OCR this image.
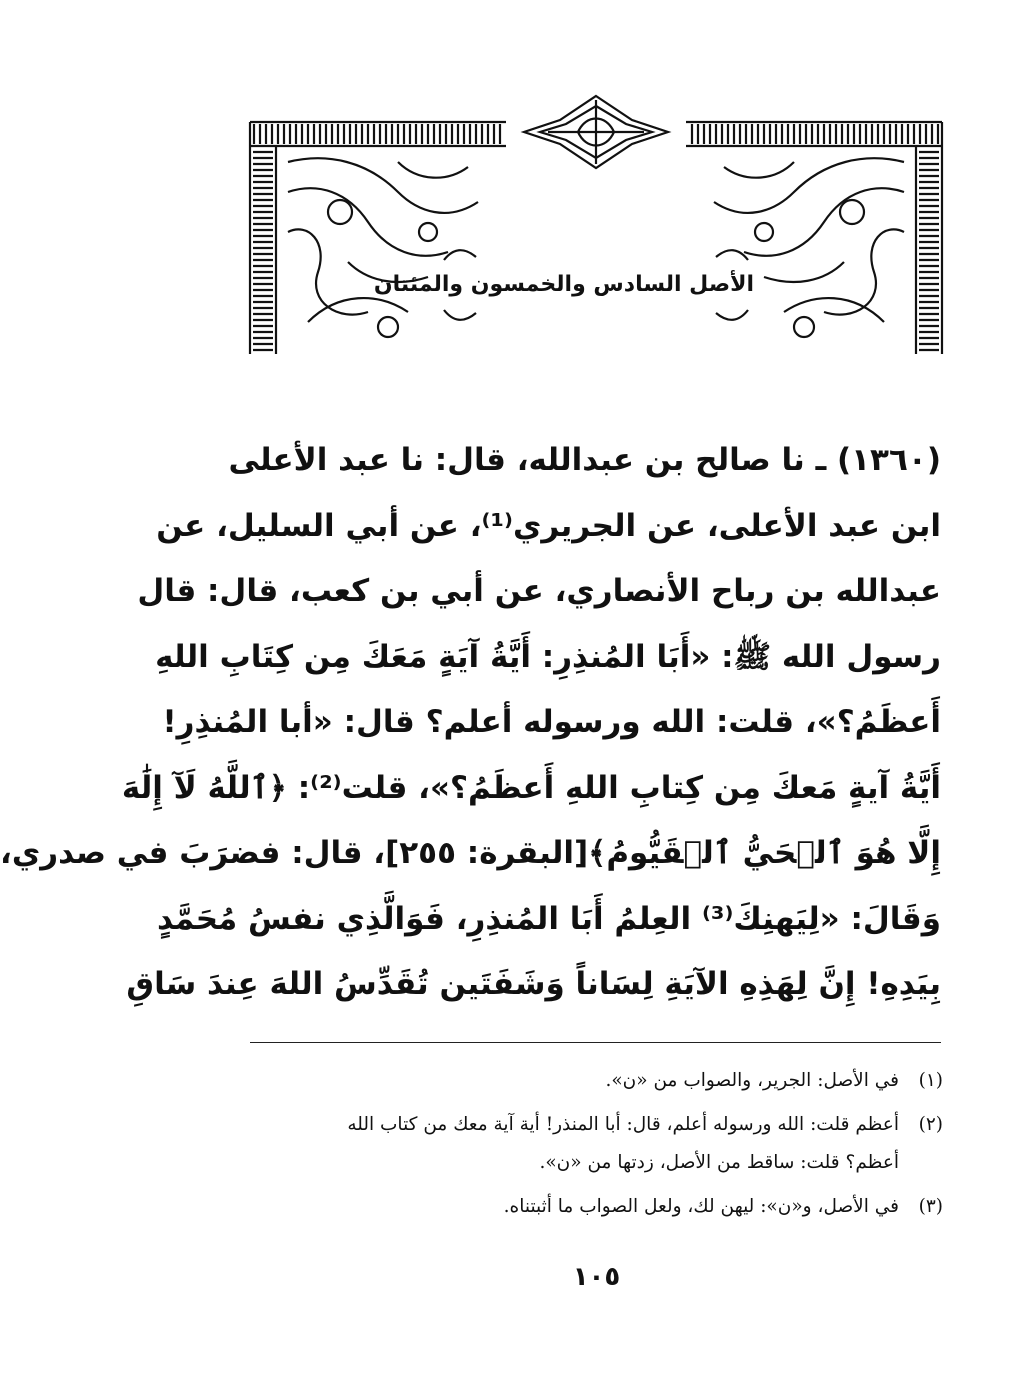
الأصل السادس والخمسون والمئتان
(١٣٦٠) ـ نا صالح بن عبدالله، قال: نا عبد الأعلى
ابن عبد الأعلى، عن الجريري⁽¹⁾، عن أبي السليل، عن
عبدالله بن رباح الأنصاري، عن أبي بن كعب، قال: قال
رسول الله ﷺ: «أَبَا المُنذِرِ: أَيَّةُ آيَةٍ مَعَكَ مِن كِتَابِ اللهِ
أَعظَمُ؟»، قلت: الله ورسوله أعلم؟ قال: «أبا المُنذِرِ!
أَيَّةُ آيةٍ مَعكَ مِن كِتابِ اللهِ أَعظَمُ؟»، قلت⁽²⁾: ﴿ٱللَّهُ لَآ إِلَٰهَ
إِلَّا هُوَ ٱلۡحَيُّ ٱلۡقَيُّومُ﴾[البقرة: ٢٥٥]، قال: فضرَبَ في صدري،
وَقَالَ: «لِيَهنِكَ⁽³⁾ العِلمُ أَبَا المُنذِرِ، فَوَالَّذِي نفسُ مُحَمَّدٍ
بِيَدِهِ! إِنَّ لِهَذِهِ الآيَةِ لِسَاناً وَشَفَتَين تُقَدِّسُ اللهَ عِندَ سَاقِ
(١)
في الأصل: الجرير، والصواب من «ن».
(٢)
أعظم قلت: الله ورسوله أعلم، قال: أبا المنذر! أية آية معك من كتاب الله
أعظم؟ قلت: ساقط من الأصل، زدتها من «ن».
(٣)
في الأصل، و«ن»: ليهن لك، ولعل الصواب ما أثبتناه.
١٠٥
